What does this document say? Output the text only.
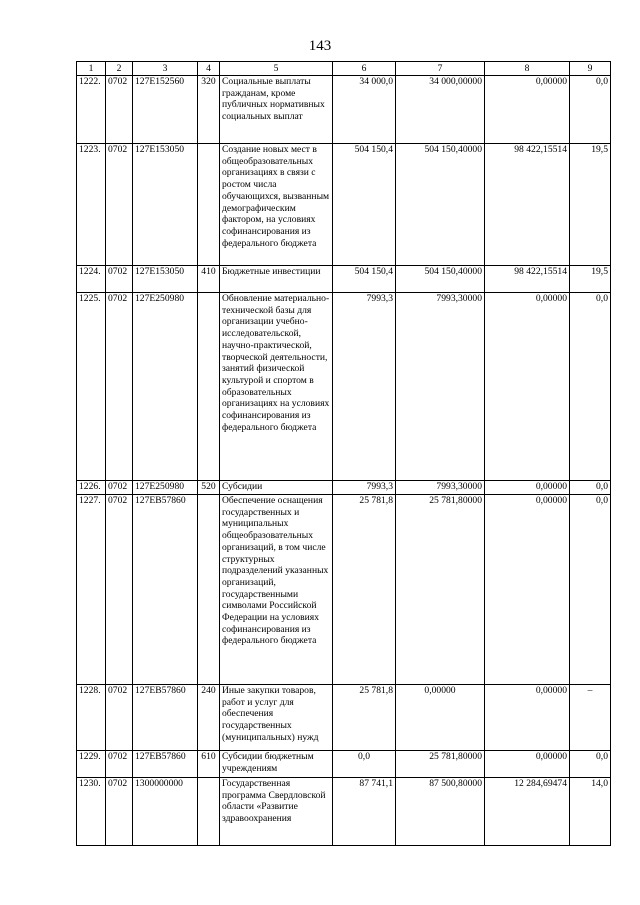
143
1	2	3	4	5	6	7	8	9
1222.	0702	127Е152560	320	Социальные выплаты гражданам, кроме публичных нормативных социальных выплат	34 000,0	34 000,00000	0,00000	0,0
1223.	0702	127Е153050		Создание новых мест в общеобразовательных организациях в связи с ростом числа обучающихся, вызванным демографическим фактором, на условиях софинансирования из федерального бюджета	504 150,4	504 150,40000	98 422,15514	19,5
1224.	0702	127Е153050	410	Бюджетные инвестиции	504 150,4	504 150,40000	98 422,15514	19,5
1225.	0702	127Е250980		Обновление материально-технической базы для организации учебно-исследовательской, научно-практической, творческой деятельности, занятий физической культурой и спортом в образовательных организациях на условиях софинансирования из федерального бюджета	7993,3	7993,30000	0,00000	0,0
1226.	0702	127Е250980	520	Субсидии	7993,3	7993,30000	0,00000	0,0
1227.	0702	127ЕВ57860		Обеспечение оснащения государственных и муниципальных общеобразовательных организаций, в том числе структурных подразделений указанных организаций, государственными символами Российской Федерации на условиях софинансирования из федерального бюджета	25 781,8	25 781,80000	0,00000	0,0
1228.	0702	127ЕВ57860	240	Иные закупки товаров, работ и услуг для обеспечения государственных (муниципальных) нужд	25 781,8	0,00000	0,00000	–
1229.	0702	127ЕВ57860	610	Субсидии бюджетным учреждениям	0,0	25 781,80000	0,00000	0,0
1230.	0702	1300000000		Государственная программа Свердловской области «Развитие здравоохранения	87 741,1	87 500,80000	12 284,69474	14,0
